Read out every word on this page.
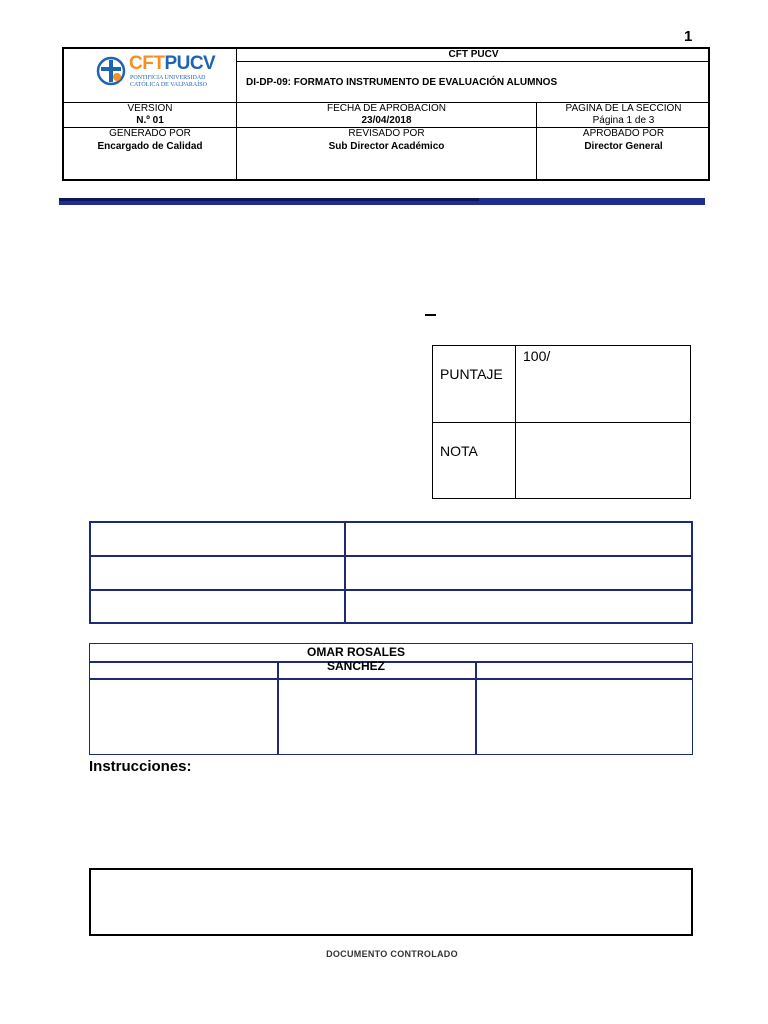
1
CFTPUCV
PONTIFICIA UNIVERSIDAD
CATÓLICA DE VALPARAÍSO
CFT PUCV
DI-DP-09: FORMATO INSTRUMENTO DE EVALUACIÓN ALUMNOS
VERSION
N.º 01
FECHA DE APROBACION
23/04/2018
PAGINA DE LA SECCION
Página 1 de 3
GENERADO POR
Encargado de Calidad
REVISADO POR
Sub Director Académico
APROBADO POR
Director General
PUNTAJE
100/
NOTA
OMAR ROSALES SANCHEZ
Instrucciones:
DOCUMENTO CONTROLADO
